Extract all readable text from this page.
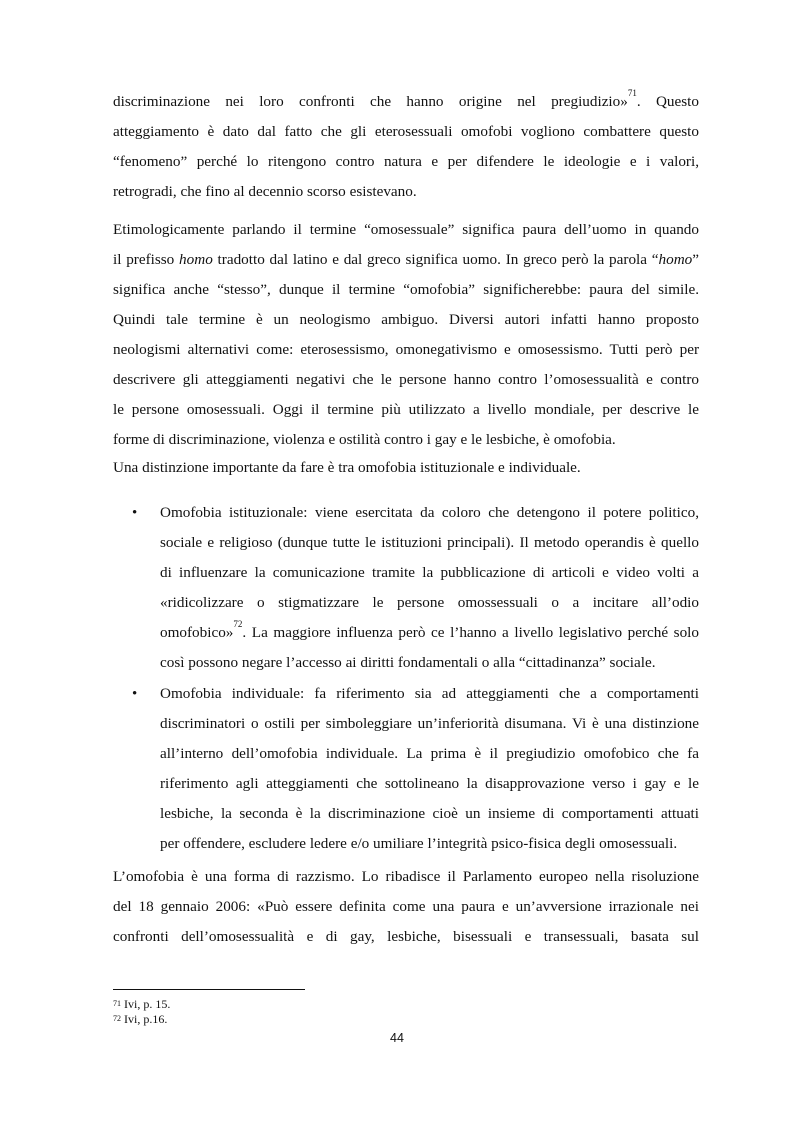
discriminazione nei loro confronti che hanno origine nel pregiudizio»$^{71}$. Questo
atteggiamento è dato dal fatto che gli eterosessuali omofobi vogliono combattere questo
“fenomeno” perché lo ritengono contro natura e per difendere le ideologie e i valori,
retrogradi, che fino al decennio scorso esistevano.
Etimologicamente parlando il termine “omosessuale” significa paura dell’uomo in quando
il prefisso homo tradotto dal latino e dal greco significa uomo. In greco però la parola “homo”
significa anche “stesso”, dunque il termine “omofobia” significherebbe: paura del simile.
Quindi tale termine è un neologismo ambiguo. Diversi autori infatti hanno proposto
neologismi alternativi come: eterosessismo, omonegativismo e omosessismo. Tutti però per
descrivere gli atteggiamenti negativi che le persone hanno contro l’omosessualità e contro
le persone omosessuali. Oggi il termine più utilizzato a livello mondiale, per descrive le
forme di discriminazione, violenza e ostilità contro i gay e le lesbiche, è omofobia.
Una distinzione importante da fare è tra omofobia istituzionale e individuale.
•	Omofobia istituzionale: viene esercitata da coloro che detengono il potere politico,
sociale e religioso (dunque tutte le istituzioni principali). Il metodo operandis è quello
di influenzare la comunicazione tramite la pubblicazione di articoli e video volti a
«ridicolizzare o stigmatizzare le persone omossessuali o a incitare all’odio
omofobico»$^{72}$. La maggiore influenza però ce l’hanno a livello legislativo perché solo
così possono negare l’accesso ai diritti fondamentali o alla “cittadinanza” sociale.
•	Omofobia individuale: fa riferimento sia ad atteggiamenti che a comportamenti
discriminatori o ostili per simboleggiare un’inferiorità disumana. Vi è una distinzione
all’interno dell’omofobia individuale. La prima è il pregiudizio omofobico che fa
riferimento agli atteggiamenti che sottolineano la disapprovazione verso i gay e le
lesbiche, la seconda è la discriminazione cioè un insieme di comportamenti attuati
per offendere, escludere ledere e/o umiliare l’integrità psico-fisica degli omosessuali.
L’omofobia è una forma di razzismo. Lo ribadisce il Parlamento europeo nella risoluzione
del 18 gennaio 2006: «Può essere definita come una paura e un’avversione irrazionale nei
confronti dell’omosessualità e di gay, lesbiche, bisessuali e transessuali, basata sul
$^{71}$ Ivi, p. 15.
$^{72}$ Ivi, p.16.
44
